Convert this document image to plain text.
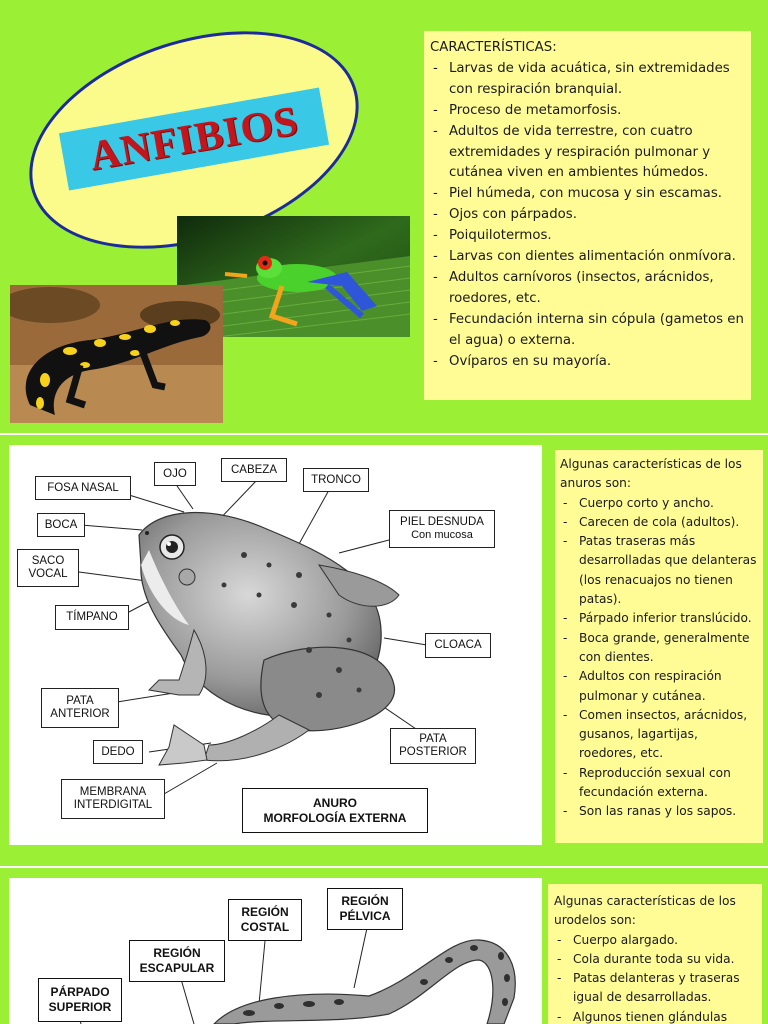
ANFIBIOS
CARACTERÍSTICAS:
- Larvas de vida acuática, sin extremidades con respiración branquial.
- Proceso de metamorfosis.
- Adultos de vida terrestre, con cuatro extremidades y respiración pulmonar y cutánea viven en ambientes húmedos.
- Piel húmeda, con mucosa y sin escamas.
- Ojos con párpados.
- Poiquilotermos.
- Larvas con dientes alimentación onmívora.
- Adultos carnívoros (insectos, arácnidos, roedores, etc.
- Fecundación interna sin cópula (gametos en el agua) o externa.
- Ovíparos en su mayoría.
OJO	CABEZA
FOSA NASAL
TRONCO
BOCA	PIEL DESNUDA
Con mucosa
SACO
VOCAL
TÍMPANO
CLOACA
PATA
ANTERIOR
PATA
POSTERIOR
DEDO
MEMBRANA
INTERDIGITAL	ANURO
MORFOLOGÍA EXTERNA
Algunas características de los anuros son:
- Cuerpo corto y ancho.
- Carecen de cola (adultos).
- Patas traseras más desarrolladas que delanteras (los renacuajos no tienen patas).
- Párpado inferior translúcido.
- Boca grande, generalmente con dientes.
- Adultos con respiración pulmonar y cutánea.
- Comen insectos, arácnidos, gusanos, lagartijas, roedores, etc.
- Reproducción sexual con fecundación externa.
- Son las ranas y los sapos.
REGIÓN
COSTAL
REGIÓN
PÉLVICA
REGIÓN
ESCAPULAR
PÁRPADO
SUPERIOR
Algunas características de los urodelos son:
- Cuerpo alargado.
- Cola durante toda su vida.
- Patas delanteras y traseras igual de desarrolladas.
- Algunos tienen glándulas
